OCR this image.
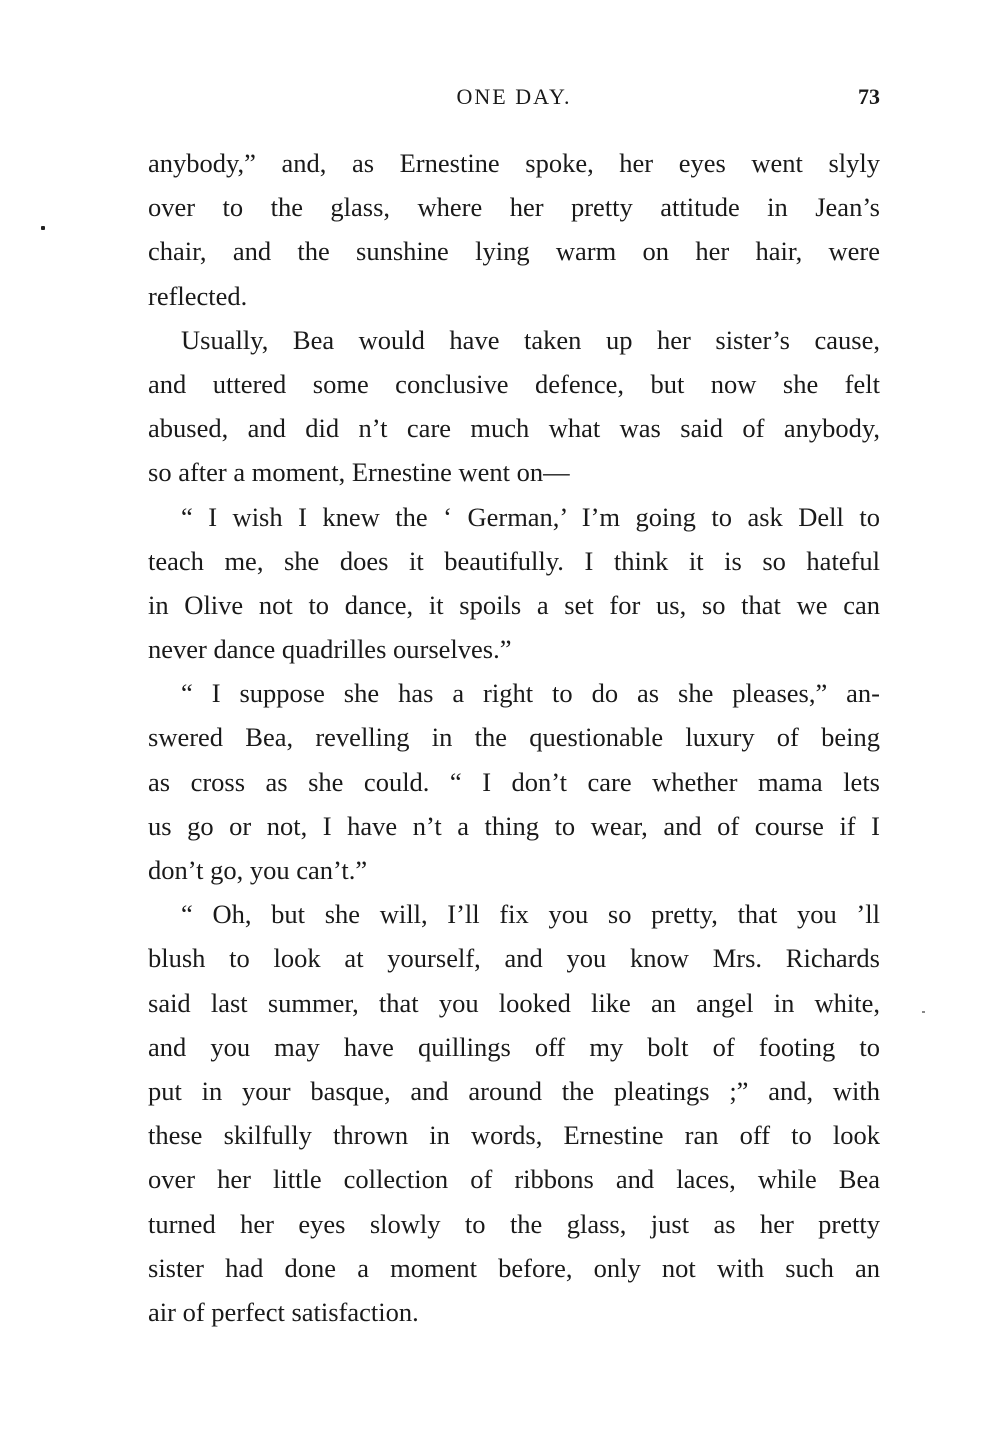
ONE DAY.	73
anybody,” and, as Ernestine spoke, her eyes went slyly
over to the glass, where her pretty attitude in Jean’s
chair, and the sunshine lying warm on her hair, were
reflected.
Usually, Bea would have taken up her sister’s cause,
and uttered some conclusive defence, but now she felt
abused, and did n’t care much what was said of anybody,
so after a moment, Ernestine went on—
“ I wish I knew the ‘ German,’ I’m going to ask Dell to
teach me, she does it beautifully. I think it is so hateful
in Olive not to dance, it spoils a set for us, so that we can
never dance quadrilles ourselves.”
“ I suppose she has a right to do as she pleases,” an-
swered Bea, revelling in the questionable luxury of being
as cross as she could. “ I don’t care whether mama lets
us go or not, I have n’t a thing to wear, and of course if I
don’t go, you can’t.”
“ Oh, but she will, I’ll fix you so pretty, that you ’ll
blush to look at yourself, and you know Mrs. Richards
said last summer, that you looked like an angel in white,
and you may have quillings off my bolt of footing to
put in your basque, and around the pleatings ;” and, with
these skilfully thrown in words, Ernestine ran off to look
over her little collection of ribbons and laces, while Bea
turned her eyes slowly to the glass, just as her pretty
sister had done a moment before, only not with such an
air of perfect satisfaction.
